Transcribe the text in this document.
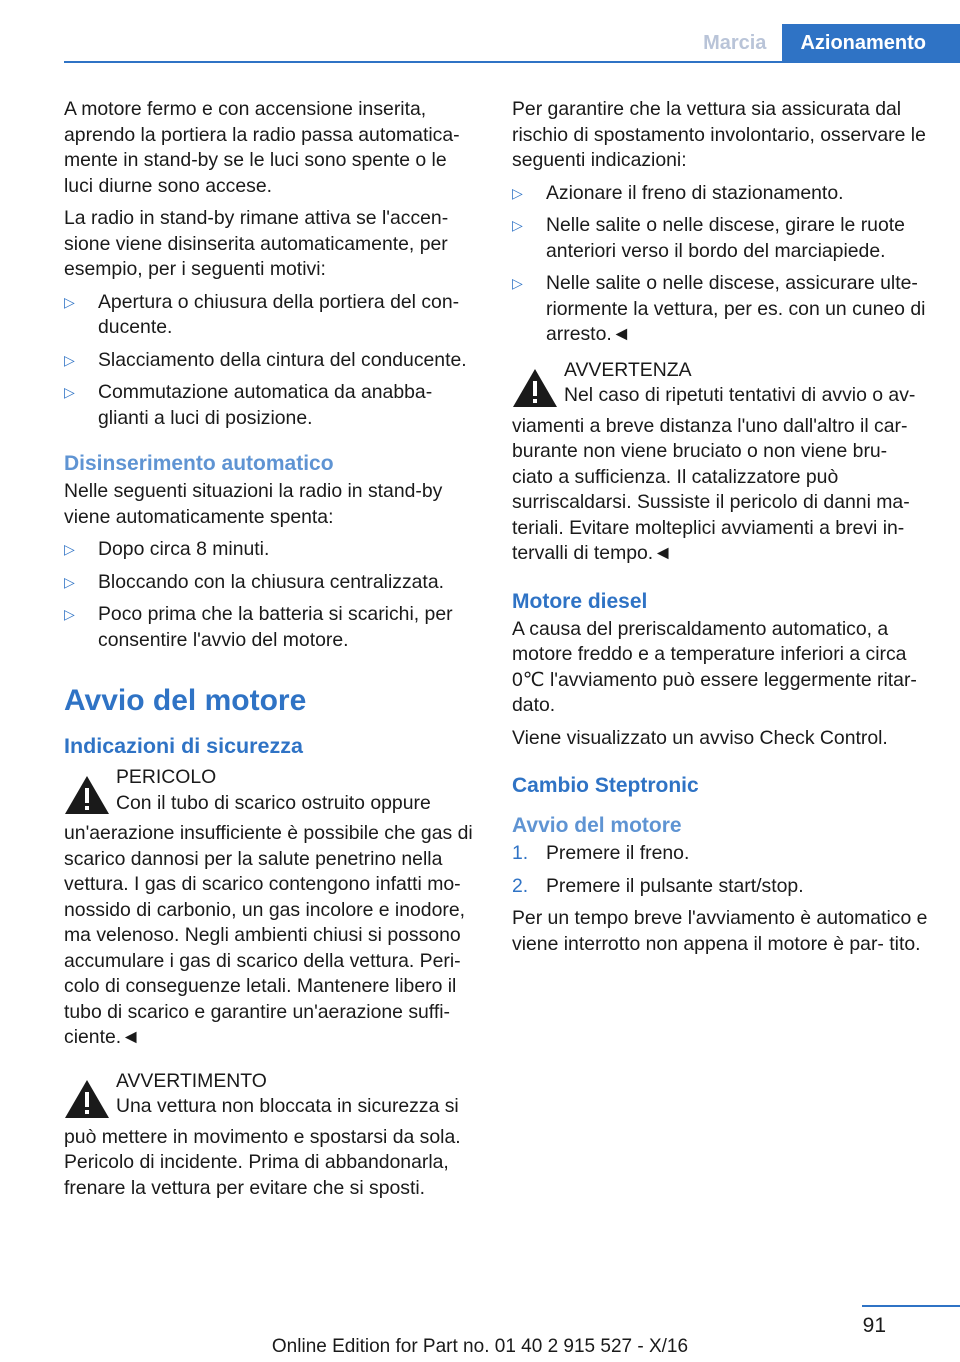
Marcia	Azionamento

A motore fermo e con accensione inserita, aprendo la portiera la radio passa automatica- mente in stand-by se le luci sono spente o le luci diurne sono accese.

La radio in stand-by rimane attiva se l'accen- sione viene disinserita automaticamente, per esempio, per i seguenti motivi:

▷ Apertura o chiusura della portiera del con- ducente.
▷ Slacciamento della cintura del conducente.
▷ Commutazione automatica da anabba- glianti a luci di posizione.
Disinserimento automatico

Nelle seguenti situazioni la radio in stand-by viene automaticamente spenta:

▷ Dopo circa 8 minuti.
▷ Bloccando con la chiusura centralizzata.
▷ Poco prima che la batteria si scarichi, per consentire l'avvio del motore.
Avvio del motore
Indicazioni di sicurezza
PERICOLO
Con il tubo di scarico ostruito oppure
un'aerazione insufficiente è possibile che gas di scarico dannosi per la salute penetrino nella vettura. I gas di scarico contengono infatti mo- nossido di carbonio, un gas incolore e inodore, ma velenoso. Negli ambienti chiusi si possono accumulare i gas di scarico della vettura. Peri- colo di conseguenze letali. Mantenere libero il tubo di scarico e garantire un'aerazione suffi- ciente.◄
AVVERTIMENTO
Una vettura non bloccata in sicurezza si
può mettere in movimento e spostarsi da sola. Pericolo di incidente. Prima di abbandonarla, frenare la vettura per evitare che si sposti.

Per garantire che la vettura sia assicurata dal rischio di spostamento involontario, osservare le seguenti indicazioni:

▷ Azionare il freno di stazionamento.
▷ Nelle salite o nelle discese, girare le ruote anteriori verso il bordo del marciapiede.
▷ Nelle salite o nelle discese, assicurare ulte- riormente la vettura, per es. con un cuneo di arresto.◄
AVVERTENZA
Nel caso di ripetuti tentativi di avvio o av-
viamenti a breve distanza l'uno dall'altro il car- burante non viene bruciato o non viene bru- ciato a sufficienza. Il catalizzatore può surriscaldarsi. Sussiste il pericolo di danni ma- teriali. Evitare molteplici avviamenti a brevi in- tervalli di tempo.◄
Motore diesel

A causa del preriscaldamento automatico, a motore freddo e a temperature inferiori a circa 0℃ l'avviamento può essere leggermente ritar- dato.

Viene visualizzato un avviso Check Control.

Cambio Steptronic
Avvio del motore
1. Premere il freno.
2. Premere il pulsante start/stop.

Per un tempo breve l'avviamento è automatico e viene interrotto non appena il motore è par- tito.

91
Online Edition for Part no. 01 40 2 915 527 - X/16
